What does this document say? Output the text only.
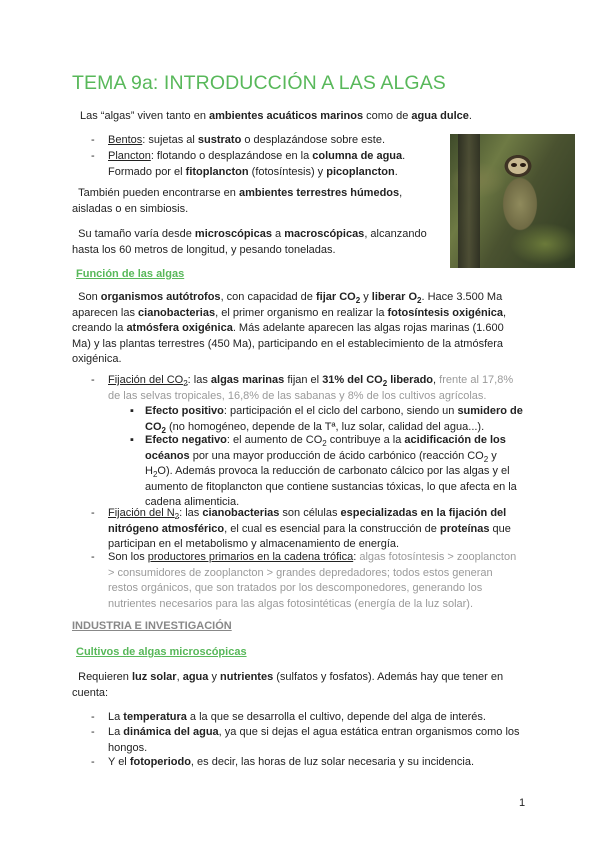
TEMA 9a: INTRODUCCIÓN A LAS ALGAS

Las “algas” viven tanto en ambientes acuáticos marinos como de agua dulce.

- Bentos: sujetas al sustrato o desplazándose sobre este.

- Plancton: flotando o desplazándose en la columna de agua.
Formado por el fitoplancton (fotosíntesis) y picoplancton.

También pueden encontrarse en ambientes terrestres húmedos,
aisladas o en simbiosis.

Su tamaño varía desde microscópicas a macroscópicas, alcanzando
hasta los 60 metros de longitud, y pesando toneladas.

Función de las algas

Son organismos autótrofos, con capacidad de fijar $CO_2$ y liberar $O_2$. Hace 3.500 Ma
aparecen las cianobacterias, el primer organismo en realizar la fotosíntesis oxigénica,
creando la atmósfera oxigénica. Más adelante aparecen las algas rojas marinas (1.600
Ma) y las plantas terrestres (450 Ma), participando en el establecimiento de la atmósfera
oxigénica.

- Fijación del $CO_2$: las algas marinas fijan el 31% del $CO_2$ liberado, frente al 17,8%
de las selvas tropicales, 16,8% de las sabanas y 8% de los cultivos agrícolas.

▪ Efecto positivo: participación el el ciclo del carbono, siendo un sumidero de
$CO_2$ (no homogéneo, depende de la Tª, luz solar, calidad del agua...).

▪ Efecto negativo: el aumento de $CO_2$ contribuye a la acidificación de los
océanos por una mayor producción de ácido carbónico (reacción $CO_2$ y
$H_2O$). Además provoca la reducción de carbonato cálcico por las algas y el
aumento de fitoplancton que contiene sustancias tóxicas, lo que afecta en la
cadena alimenticia.

- Fijación del $N_2$: las cianobacterias son células especializadas en la fijación del
nitrógeno atmosférico, el cual es esencial para la construcción de proteínas que
participan en el metabolismo y almacenamiento de energía.

- Son los productores primarios en la cadena trófica: algas fotosíntesis > zooplancton
> consumidores de zooplancton > grandes depredadores; todos estos generan
restos orgánicos, que son tratados por los descomponedores, generando los
nutrientes necesarios para las algas fotosintéticas (energía de la luz solar).

INDUSTRIA E INVESTIGACIÓN
Cultivos de algas microscópicas

Requieren luz solar, agua y nutrientes (sulfatos y fosfatos). Además hay que tener en
cuenta:

- La temperatura a la que se desarrolla el cultivo, depende del alga de interés.

- La dinámica del agua, ya que si dejas el agua estática entran organismos como los
hongos.

- Y el fotoperiodo, es decir, las horas de luz solar necesaria y su incidencia.

1
